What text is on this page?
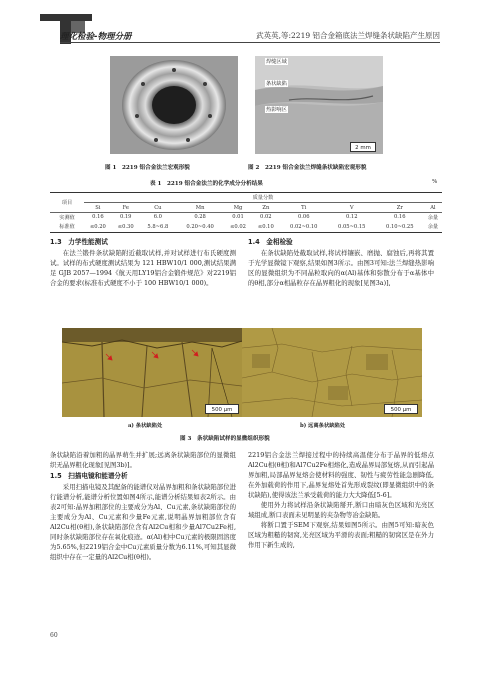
理化检验-物理分册	武英英,等:2219 铝合金箱底法兰焊缝条状缺陷产生原因
图 1　2219 铝合金法兰宏观形貌
焊缝区域
条状缺陷
热影响区
2 mm
图 2　2219 铝合金法兰焊缝条状缺陷宏观形貌
表 1　2219 铝合金法兰的化学成分分析结果	%
项目	质量分数									
	Si	Fe	Cu	Mn	Mg	Zn	Ti	V	Zr	Al
实测值	0.16	0.19	6.0	0.28	0.01	0.02	0.06	0.12	0.16	余量
标准值	≤0.20	≤0.30	5.8~6.8	0.20~0.40	≤0.02	≤0.10	0.02~0.10	0.05~0.15	0.10~0.25	余量

1.3　力学性能测试

在法兰锻件条状缺陷附近截取试样,并对试样进行布氏硬度测试。试样的布式硬度测试结果为 121 HBW10/1 000,测试结果满足 GJB 2057—1994《航天用LY19铝合金锻件规范》对2219铝合金的要求(标准布式硬度不小于 100 HBW10/1 000)。

1.4　金相检验

在条状缺陷处截取试样,将试样镶嵌、磨抛、腐蚀后,再将其置于光学显微镜下观察,结果如图3所示。由图3可知:法兰焊缝热影响区的显微组织为不同晶粒取向的α(Al)基体和弥散分布于α基体中的θ相,部分α相晶粒存在晶界粗化的现象[见图3a)],

500 μm	500 μm
a) 条状缺陷处	b) 远离条状缺陷处
图 3　条状缺陷试样的显微组织形貌

条状缺陷沿着加粗的晶界萌生并扩展;远离条状缺陷部位的显微组织无晶界粗化现象[见图3b)]。

1.5　扫描电镜和能谱分析

采用扫描电镜及其配备的能谱仪对晶界加粗和条状缺陷部位进行能谱分析,能谱分析位置如图4所示,能谱分析结果如表2所示。由表2可知:晶界加粗部位的主要成分为Al、Cu元素,条状缺陷部位的主要成分为Al、Cu元素和少量Fe元素,说明晶界加粗部位含有Al2Cu相(θ相),条状缺陷部位含有Al2Cu相和少量Al7Cu2Fe相,同时条状缺陷部位存在氧化痕迹。α(Al)相中Cu元素的极限固溶度为5.65%,但2219铝合金中Cu元素质量分数为6.11%,可知其显微组织中存在一定量的Al2Cu相(θ相)。

2219铝合金法兰焊接过程中的持续高温使分布于晶界的低熔点Al2Cu相(θ相)和Al7Cu2Fe相熔化,造成晶界局部复熔,从而引起晶界加粗,局部晶界复熔会使材料的强度、韧性与疲劳性能急剧降低,在外加载荷的作用下,晶界复熔处首先形成裂纹(即显微组织中的条状缺陷),使得该法兰承受载荷的能力大大降低[5-6]。

使用外力将试样沿条状缺陷掰开,断口由暗灰色区域和光亮区域组成,断口表面未见明显的夹杂物等冶金缺陷。

将断口置于SEM下观察,结果如图5所示。由图5可知:暗灰色区域为粗糙的韧窝,光亮区域为平滑的表面;粗糙的韧窝区是在外力作用下新生成的,

60
